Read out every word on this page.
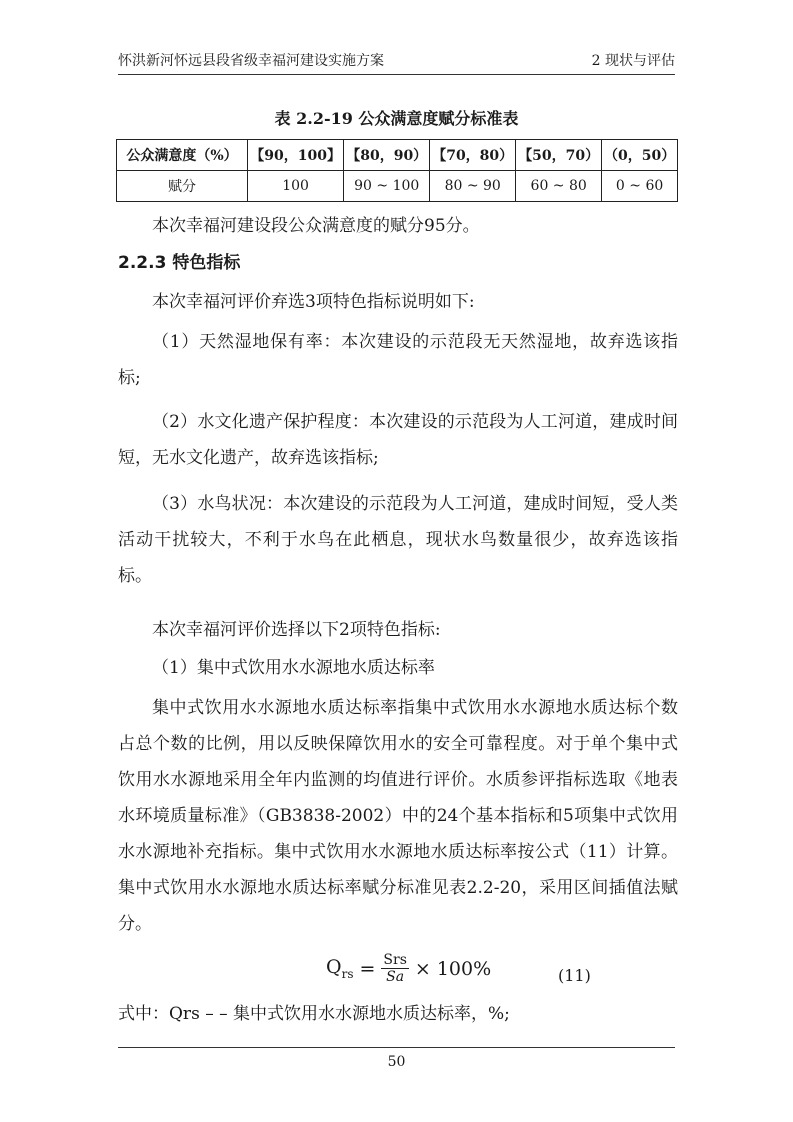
怀洪新河怀远县段省级幸福河建设实施方案	2 现状与评估
表 2.2-19 公众满意度赋分标准表
公众满意度（%）	【90，100】	【80，90）	【70，80）	【50，70）	（0，50）
赋分	100	90 ~ 100	80 ~ 90	60 ~ 80	0 ~ 60
本次幸福河建设段公众满意度的赋分95分。
2.2.3 特色指标
本次幸福河评价弃选3项特色指标说明如下:
（1）天然湿地保有率：本次建设的示范段无天然湿地，故弃选该指标;
（2）水文化遗产保护程度：本次建设的示范段为人工河道，建成时间短，无水文化遗产，故弃选该指标;
（3）水鸟状况：本次建设的示范段为人工河道，建成时间短，受人类活动干扰较大，不利于水鸟在此栖息，现状水鸟数量很少，故弃选该指标。
本次幸福河评价选择以下2项特色指标:
（1）集中式饮用水水源地水质达标率
集中式饮用水水源地水质达标率指集中式饮用水水源地水质达标个数占总个数的比例，用以反映保障饮用水的安全可靠程度。对于单个集中式饮用水水源地采用全年内监测的均值进行评价。水质参评指标选取《地表水环境质量标准》（GB3838-2002）中的24个基本指标和5项集中式饮用水水源地补充指标。集中式饮用水水源地水质达标率按公式（11）计算。集中式饮用水水源地水质达标率赋分标准见表2.2-20，采用区间插值法赋分。
$Q_{rs} = \frac{\text{Srs}}{Sa} \times 100\%$	(11)
式中：Qrs – – 集中式饮用水水源地水质达标率，%;
50
